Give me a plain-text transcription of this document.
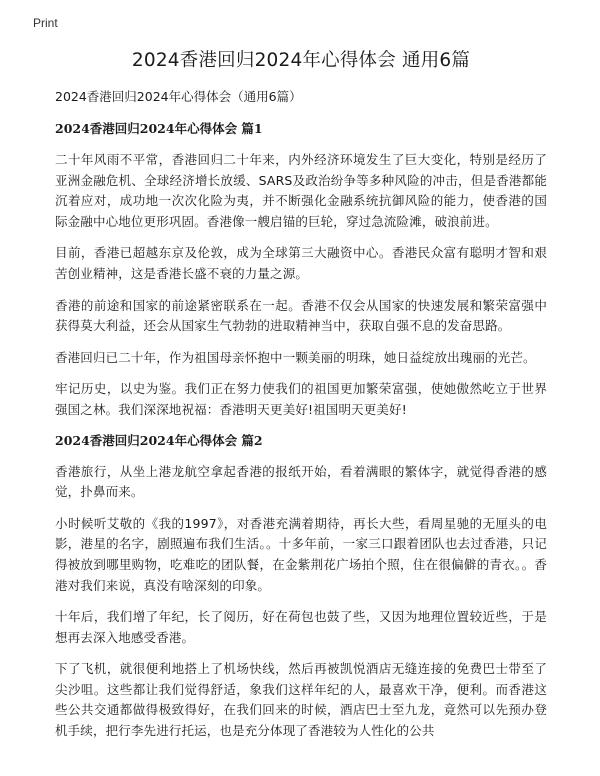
Print
2024香港回归2024年心得体会 通用6篇
2024香港回归2024年心得体会（通用6篇）
2024香港回归2024年心得体会 篇1

二十年风雨不平常，香港回归二十年来，内外经济环境发生了巨大变化，特别是经历了亚洲金融危机、全球经济增长放缓、SARS及政治纷争等多种风险的冲击，但是香港都能沉着应对，成功地一次次化险为夷，并不断强化金融系统抗御风险的能力，使香港的国际金融中心地位更形巩固。香港像一艘启锚的巨轮，穿过急流险滩，破浪前进。

目前，香港已超越东京及伦敦，成为全球第三大融资中心。香港民众富有聪明才智和艰苦创业精神，这是香港长盛不衰的力量之源。

香港的前途和国家的前途紧密联系在一起。香港不仅会从国家的快速发展和繁荣富强中获得莫大利益，还会从国家生气勃勃的进取精神当中，获取自强不息的发奋思路。

香港回归已二十年，作为祖国母亲怀抱中一颗美丽的明珠，她日益绽放出瑰丽的光芒。

牢记历史，以史为鉴。我们正在努力使我们的祖国更加繁荣富强，使她傲然屹立于世界强国之林。我们深深地祝福：香港明天更美好!祖国明天更美好!

2024香港回归2024年心得体会 篇2

香港旅行，从坐上港龙航空拿起香港的报纸开始，看着满眼的繁体字，就觉得香港的感觉，扑鼻而来。

小时候听艾敬的《我的1997》，对香港充满着期待，再长大些，看周星驰的无厘头的电影，港星的名字，剧照遍布我们生活。。十多年前，一家三口跟着团队也去过香港，只记得被放到哪里购物，吃难吃的团队餐，在金紫荆花广场拍个照，住在很偏僻的青衣。。香港对我们来说，真没有啥深刻的印象。

十年后，我们增了年纪，长了阅历，好在荷包也鼓了些，又因为地理位置较近些，于是想再去深入地感受香港。

下了飞机，就很便利地搭上了机场快线，然后再被凯悦酒店无缝连接的免费巴士带至了尖沙咀。这些都让我们觉得舒适，象我们这样年纪的人，最喜欢干净，便利。而香港这些公共交通都做得极致得好，在我们回来的时候，酒店巴士至九龙，竟然可以先预办登机手续，把行李先进行托运，也是充分体现了香港较为人性化的公共
